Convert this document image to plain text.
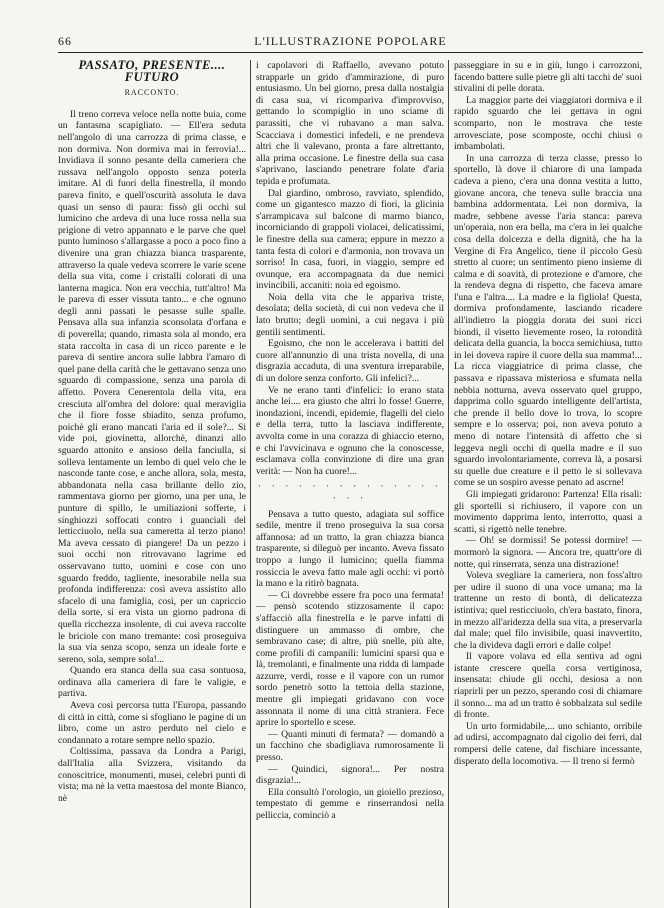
66	L'ILLUSTRAZIONE POPOLARE
PASSATO, PRESENTE.... FUTURO
RACCONTO.

Il treno correva veloce nella notte buia, come un fantasma scapigliato. — Ell'era seduta nell'angolo di una carrozza di prima classe, e non dormiva. Non dormiva mai in ferrovia!... Invidiava il sonno pesante della cameriera che russava nell'angolo opposto senza poterla imitare. Al di fuori della finestrella, il mondo pareva finito, e quell'oscurità assoluta le dava quasi un senso di paura: fissò gli occhi sul lumicino che ardeva di una luce rossa nella sua prigione di vetro appannato e le parve che quel punto luminoso s'allargasse a poco a poco fino a divenire una gran chiazza bianca trasparente, attraverso la quale vedeva scorrere le varie scene della sua vita, come i cristalli colorati di una lanterna magica. Non era vecchia, tutt'altro! Ma le pareva di esser vissuta tanto... e che ognuno degli anni passati le pesasse sulle spalle. Pensava alla sua infanzia sconsolata d'orfana e di poverella; quando, rimasta sola al mondo, era stata raccolta in casa di un ricco parente e le pareva di sentire ancora sulle labbra l'amaro di quel pane della carità che le gettavano senza uno sguardo di compassione, senza una parola di affetto. Povera Cenerentola della vita, era cresciuta all'ombra del dolore: qual meraviglia che il fiore fosse sbiadito, senza profumo, poichè gli erano mancati l'aria ed il sole?... Si vide poi, giovinetta, allorchè, dinanzi allo sguardo attonito e ansioso della fanciulla, si solleva lentamente un lembo di quel velo che le nasconde tante cose, e anche allora, sola, mesta, abbandonata nella casa brillante dello zio, rammentava giorno per giorno, una per una, le punture di spillo, le umiliazioni sofferte, i singhiozzi soffocati contro i guanciali del letticciuolo, nella sua cameretta al terzo piano! Ma aveva cessato di piangere! Da un pezzo i suoi occhi non ritrovavano lagrime ed osservavano tutto, uomini e cose con uno sguardo freddo, tagliente, inesorabile nella sua profonda indifferenza: così aveva assistito allo sfacelo di una famiglia, così, per un capriccio della sorte, si era vista un giorno padrona di quella ricchezza insolente, di cui aveva raccolte le briciole con mano tremante: così proseguiva la sua via senza scopo, senza un ideale forte e sereno, sola, sempre sola!...

Quando era stanca della sua casa sontuosa, ordinava alla cameriera di fare le valigie, e partiva.

Aveva così percorsa tutta l'Europa, passando di città in città, come si sfogliano le pagine di un libro, come un astro perduto nel cielo e condannato a rotare sempre nello spazio.

Coltissima, passava da Londra a Parigi, dall'Italia alla Svizzera, visitando da conoscitrice, monumenti, musei, celebri punti di vista; ma nè la vetta maestosa del monte Bianco, nè

i capolavori di Raffaello, avevano potuto strapparle un grido d'ammirazione, di puro entusiasmo. Un bel giorno, presa dalla nostalgia di casa sua, vi ricomparìva d'improvviso, gettando lo scompiglio in uno sciame di parassiti, che vi rubavano a man salva. Scacciava i domestici infedeli, e ne prendeva altri che li valevano, pronta a fare altrettanto, alla prima occasione. Le finestre della sua casa s'aprivano, lasciando penetrare folate d'aria tepida e profumata.

Dal giardino, ombroso, ravviato, splendido, come un gigantesco mazzo di fiori, la glicinia s'arrampicava sul balcone di marmo bianco, incorniciando di grappoli violacei, delicatissimi, le finestre della sua camera; eppure in mezzo a tanta festa di colori e d'armonia, non trovava un sorriso! In casa, fuori, in viaggio, sempre ed ovunque, era accompagnata da due nemici invincibili, accaniti: noia ed egoismo.

Noia della vita che le appariva triste, desolata; della società, di cui non vedeva che il lato brutto; degli uomini, a cui negava i più gentili sentimenti.

Egoismo, che non le accelerava i battiti del cuore all'annunzio di una trista novella, di una disgrazia accaduta, di una sventura irreparabile, di un dolore senza conforto. Gli infelici?...

Ve ne erano tanti d'infelici: lo erano stata anche lei.... era giusto che altri lo fosse! Guerre, inondazioni, incendi, epidemie, flagelli del cielo e della terra, tutto la lasciava indifferente, avvolta come in una corazza di ghiaccio eterno, e chi l'avvicinava e ognuno che la conoscesse, esclamava colla convinzione di dire una gran verità: — Non ha cuore!...

· · · · · · · · · · · · · · · · ·

Pensava a tutto questo, adagiata sul soffice sedile, mentre il treno proseguiva la sua corsa affannosa: ad un tratto, la gran chiazza bianca trasparente, si dileguò per incanto. Aveva fissato troppo a lungo il lumicino; quella fiamma rossiccia le aveva fatto male agli occhi: vi portò la mano e la ritirò bagnata.

— Ci dovrebbe essere fra poco una fermata! — pensò scotendo stizzosamente il capo: s'affacciò alla finestrella e le parve infatti di distinguere un ammasso di ombre, che sembravano case; di altre, più snelle, più alte, come profili di campanili: lumicini sparsi qua e là, tremolanti, e finalmente una ridda di lampade azzurre, verdi, rosse e il vapore con un rumor sordo penetrò sotto la tettoia della stazione, mentre gli impiegati gridavano con voce assonnata il nome di una città straniera. Fece aprire lo sportello e scese.

— Quanti minuti di fermata? — domandò a un facchino che sbadigliava rumorosamente lì presso.

— Quindici, signora!... Per nostra disgrazia!...

Ella consultò l'orologio, un gioiello prezioso, tempestato di gemme e rinserrandosi nella pelliccia, cominciò a

passeggiare in su e in giù, lungo i carrozzoni, facendo battere sulle pietre gli alti tacchi de' suoi stivalini di pelle dorata.

La maggior parte dei viaggiatori dormiva e il rapido sguardo che lei gettava in ogni scomparto, non le mostrava che teste arrovesciate, pose scomposte, occhi chiusi o imbambolati.

In una carrozza di terza classe, presso lo sportello, là dove il chiarore di una lampada cadeva a pieno, c'era una donna vestita a lutto, giovane ancora, che teneva sulle braccia una bambina addormentata. Lei non dormiva, la madre, sebbene avesse l'aria stanca: pareva un'operaia, non era bella, ma c'era in lei qualche cosa della dolcezza e della dignità, che ha la Vergine di Fra Angelico, tiene il piccolo Gesù stretto al cuore; un sentimento pieno insieme di calma e di soavità, di protezione e d'amore, che la rendeva degna di rispetto, che faceva amare l'una e l'altra.... La madre e la figliola! Questa, dormiva profondamente, lasciando ricadere all'indietro la pioggia dorata dei suoi ricci biondi, il visetto lievemente roseo, la rotondità delicata della guancia, la bocca semichiusa, tutto in lei doveva rapire il cuore della sua mamma!... La ricca viaggiatrice di prima classe, che passava e ripassava misteriosa e sfumata nella nebbia notturna, aveva osservato quel gruppo, dapprima collo sguardo intelligente dell'artista, che prende il bello dove lo trova, lo scopre sempre e lo osserva; poi, non aveva potuto a meno di notare l'intensità di affetto che si leggeva negli occhi di quella madre e il suo sguardo involontariamente, correva là, a posarsi su quelle due creature e il petto le si sollevava come se un sospiro avesse penato ad ascrne!

Gli impiegati gridarono: Partenza! Ella risalì: gli sportelli si richiusero, il vapore con un movimento dapprima lento, interrotto, quasi a scatti, si rigettò nelle tenebre.

— Oh! se dormissi! Se potessi dormire! — mormorò la signora. — Ancora tre, quattr'ore di notte, qui rinserrata, senza una distrazione!

Voleva svegliare la cameriera, non foss'altro per udire il suono di una voce umana; ma la trattenne un resto di bontà, di delicatezza istintiva; quel resticciuolo, ch'era bastato, finora, in mezzo all'aridezza della sua vita, a preservarla dal male; quel filo invisibile, quasi inavvertito, che la divideva dagli errori e dalle colpe!

Il vapore volava ed ella sentiva ad ogni istante crescere quella corsa vertiginosa, insensata: chiude gli occhi, desiosa a non riaprirli per un pezzo, sperando così di chiamare il sonno... ma ad un tratto è sobbalzata sul sedile di fronte.

Un urto formidabile,... uno schianto, orribile ad udirsi, accompagnato dal cigolio dei ferri, dal rompersi delle catene, dal fischiare incessante, disperato della locomotiva. — Il treno si fermò
